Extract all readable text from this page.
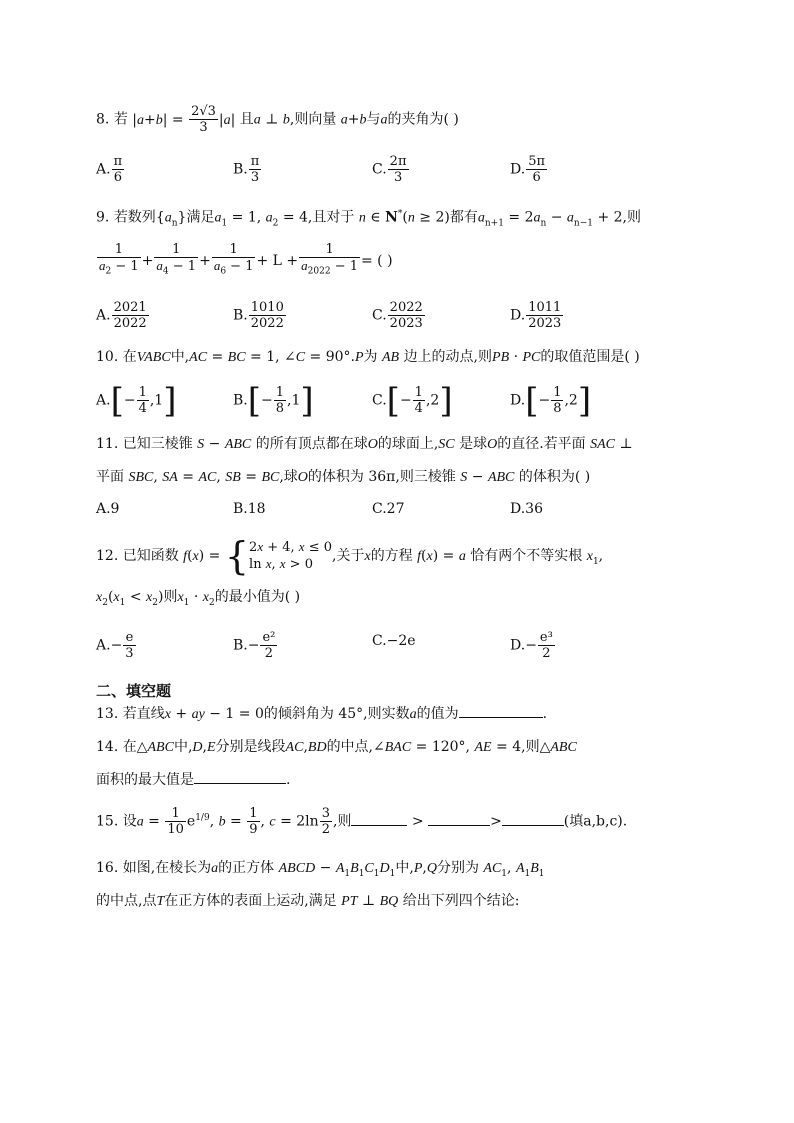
8. 若 $|a+b| = \frac{2√3}{3} |a|$ 且a ⊥ b,则向量 a+b与a的夹角为( )
A. $\frac{\pi}{6}$	B. $\frac{\pi}{3}$	C. $\frac{2\pi}{3}$	D. $\frac{5\pi}{6}$
9. 若数列$\{a_n\}$满足$a_1 = 1$, $a_2 = 4$,且对于 n ∈ N*(n ≥ 2)都有$a_{n+1} = 2a_n - a_{n-1} + 2$,则
$\frac{1}{a_2 - 1} + \frac{1}{a_4 - 1} + \frac{1}{a_6 - 1} + L + \frac{1}{a_{2022} - 1}$ = ( )
A. $\frac{2021}{2022}$	B. $\frac{1010}{2022}$	C. $\frac{2022}{2023}$	D. $\frac{1011}{2023}$
10. 在VABC中,AC = BC = 1, ∠C = 90°.P为 AB 边上的动点,则PB · PC的取值范围是( )
$A.[- \frac{1}{4} ,1]$	$B.[- \frac{1}{8} ,1]$	$C.[- \frac{1}{4} ,2]$	$D.[- \frac{1}{8} ,2]$
11. 已知三棱锥 S − ABC 的所有顶点都在球O的球面上,SC 是球O的直径.若平面 SAC ⊥
平面 SBC, SA = AC, SB = BC,球O的体积为 36π,则三棱锥 S − ABC 的体积为( )
A.9	B.18	C.27	D.36
12. 已知函数 f(x) = { 2x + 4, x ≤ 0
ln x, x > 0
,关于x的方程 f(x) = a 恰有两个不等实根 $x_1$,
$x_2(x_1 < x_2)$则$x_1 \cdot x_2$的最小值为( )
$A.- \frac{e}{3}$	$B.- \frac{\text{e²}}{2}$	C.−2e	$D.- \frac{\text{e³}}{2}$
二、填空题
13. 若直线x + ay − 1 = 0的倾斜角为 45°,则实数a的值为	.
14. 在△ABC中,D,E分别是线段AC,BD的中点,∠BAC = 120°, AE = 4,则△ABC
面积的最大值是	.
15. 设$a = \frac{1}{10} e^{1/9}$, $b = \frac{1}{9}$ , $c = 2\ln \frac{3}{2}$ ,则	>	>	(填a,b,c).
16. 如图,在棱长为a的正方体 ABCD − $A_1B_1C_1D_1$中,P,Q分别为 $AC_1$, $A_1B_1$
的中点,点T在正方体的表面上运动,满足 PT ⊥ BQ 给出下列四个结论:
